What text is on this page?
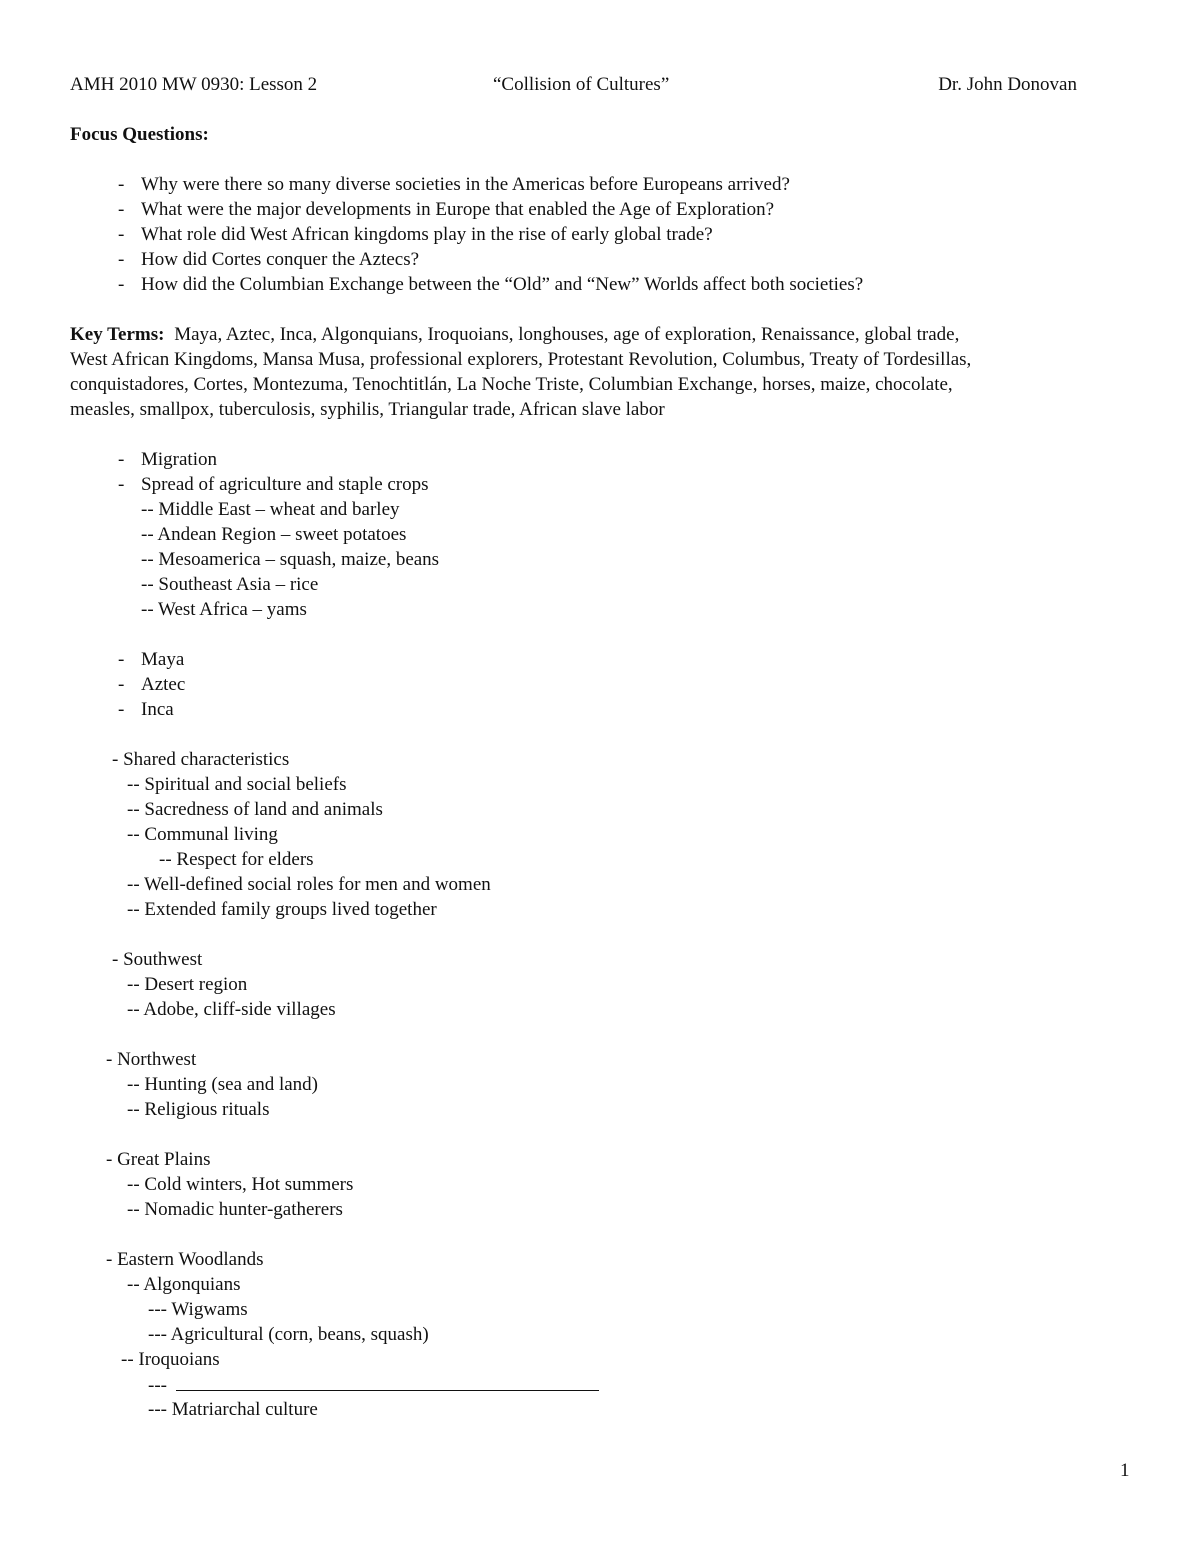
AMH 2010 MW 0930: Lesson 2	“Collision of Cultures”	Dr. John Donovan
Focus Questions:
- Why were there so many diverse societies in the Americas before Europeans arrived?
- What were the major developments in Europe that enabled the Age of Exploration?
- What role did West African kingdoms play in the rise of early global trade?
- How did Cortes conquer the Aztecs?
- How did the Columbian Exchange between the “Old” and “New” Worlds affect both societies?
Key Terms: Maya, Aztec, Inca, Algonquians, Iroquoians, longhouses, age of exploration, Renaissance, global trade,
West African Kingdoms, Mansa Musa, professional explorers, Protestant Revolution, Columbus, Treaty of Tordesillas,
conquistadores, Cortes, Montezuma, Tenochtitlán, La Noche Triste, Columbian Exchange, horses, maize, chocolate,
measles, smallpox, tuberculosis, syphilis, Triangular trade, African slave labor
- Migration
- Spread of agriculture and staple crops
-- Middle East – wheat and barley
-- Andean Region – sweet potatoes
-- Mesoamerica – squash, maize, beans
-- Southeast Asia – rice
-- West Africa – yams
- Maya
- Aztec
- Inca
- Shared characteristics
-- Spiritual and social beliefs
-- Sacredness of land and animals
-- Communal living
-- Respect for elders
-- Well-defined social roles for men and women
-- Extended family groups lived together
- Southwest
-- Desert region
-- Adobe, cliff-side villages
- Northwest
-- Hunting (sea and land)
-- Religious rituals
- Great Plains
-- Cold winters, Hot summers
-- Nomadic hunter-gatherers
- Eastern Woodlands
-- Algonquians
--- Wigwams
--- Agricultural (corn, beans, squash)
-- Iroquoians
---
--- Matriarchal culture
1
